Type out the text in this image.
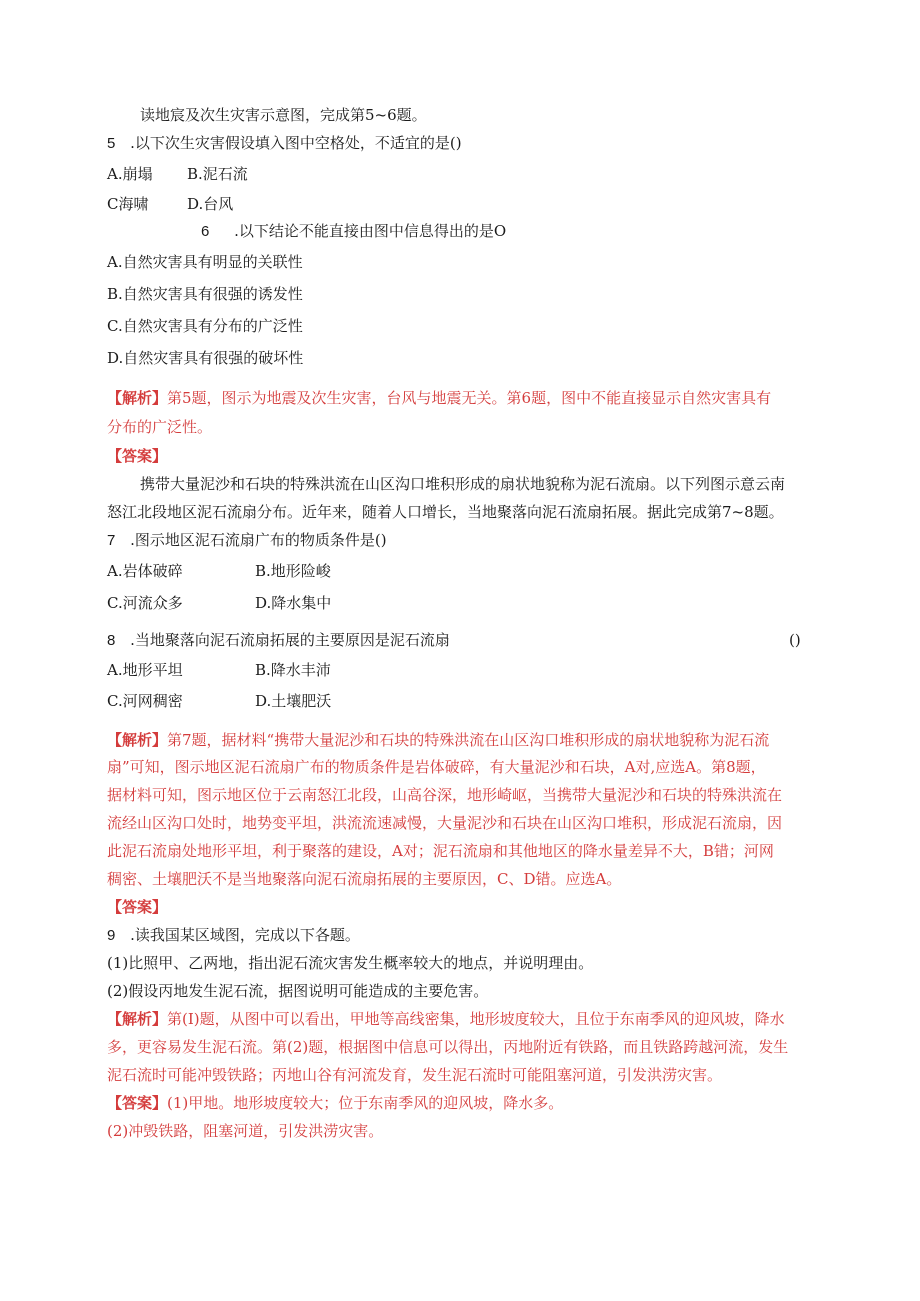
读地宸及次生灾害示意图，完成第5~6题。
5 .以下次生灾害假设填入图中空格处，不适宜的是()
A.崩塌 B.泥石流
C海啸	D.台风
6 .以下结论不能直接由图中信息得出的是O
A.自然灾害具有明显的关联性
B.自然灾害具有很强的诱发性
C.自然灾害具有分布的广泛性
D.自然灾害具有很强的破坏性
【解析】第5题，图示为地震及次生灾害，台风与地震无关。第6题，图中不能直接显示自然灾害具有
分布的广泛性。
【答案】
携带大量泥沙和石块的特殊洪流在山区沟口堆积形成的扇状地貌称为泥石流扇。以下列图示意云南
怒江北段地区泥石流扇分布。近年来，随着人口增长，当地聚落向泥石流扇拓展。据此完成第7~8题。
7 .图示地区泥石流扇广布的物质条件是()
A.岩体破碎	B.地形险峻
C.河流众多	D.降水集中
8 .当地聚落向泥石流扇拓展的主要原因是泥石流扇	()
A.地形平坦	B.降水丰沛
C.河网稠密	D.土壤肥沃
【解析】第7题，据材料“携带大量泥沙和石块的特殊洪流在山区沟口堆积形成的扇状地貌称为泥石流
扇”可知，图示地区泥石流扇广布的物质条件是岩体破碎，有大量泥沙和石块，A对,应选A。第8题，
据材料可知，图示地区位于云南怒江北段，山高谷深，地形崎岖，当携带大量泥沙和石块的特殊洪流在
流经山区沟口处时，地势变平坦，洪流流速减慢，大量泥沙和石块在山区沟口堆积，形成泥石流扇，因
此泥石流扇处地形平坦，利于聚落的建设，A对；泥石流扇和其他地区的降水量差异不大，B错；河网
稠密、土壤肥沃不是当地聚落向泥石流扇拓展的主要原因，C、D错。应选A。
【答案】
9 .读我国某区域图，完成以下各题。
(1)比照甲、乙两地，指出泥石流灾害发生概率较大的地点，并说明理由。
(2)假设丙地发生泥石流，据图说明可能造成的主要危害。
【解析】第(I)题，从图中可以看出，甲地等高线密集，地形坡度较大，且位于东南季风的迎风坡，降水
多，更容易发生泥石流。第(2)题，根据图中信息可以得出，丙地附近有铁路，而且铁路跨越河流，发生
泥石流时可能冲毁铁路；丙地山谷有河流发育，发生泥石流时可能阻塞河道，引发洪涝灾害。
【答案】(1)甲地。地形坡度较大；位于东南季风的迎风坡，降水多。
(2)冲毁铁路，阻塞河道，引发洪涝灾害。
